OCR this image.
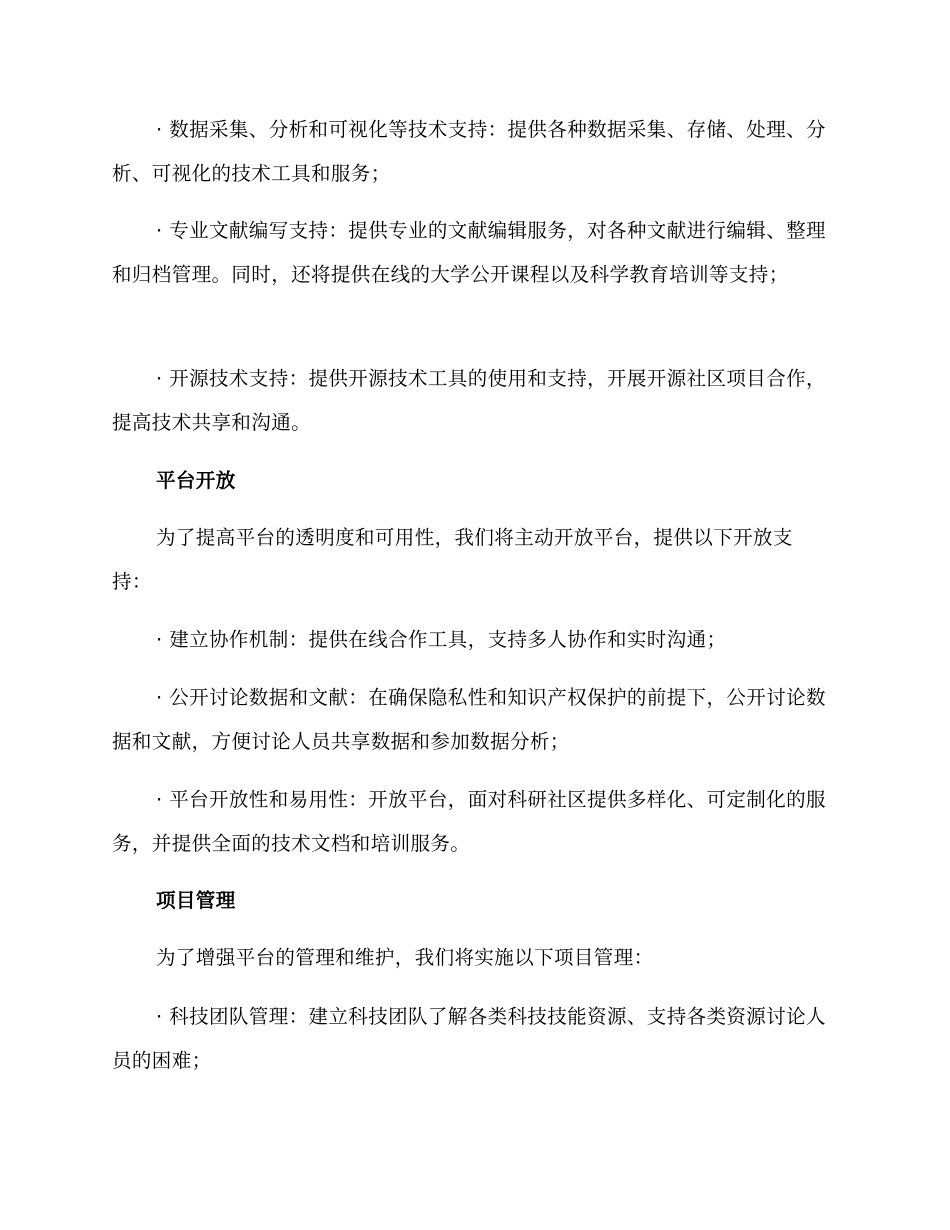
· 数据采集、分析和可视化等技术支持：提供各种数据采集、存储、处理、分析、可视化的技术工具和服务；

· 专业文献编写支持：提供专业的文献编辑服务，对各种文献进行编辑、整理和归档管理。同时，还将提供在线的大学公开课程以及科学教育培训等支持；

· 开源技术支持：提供开源技术工具的使用和支持，开展开源社区项目合作，提高技术共享和沟通。

平台开放

为了提高平台的透明度和可用性，我们将主动开放平台，提供以下开放支持：

· 建立协作机制：提供在线合作工具，支持多人协作和实时沟通；

· 公开讨论数据和文献：在确保隐私性和知识产权保护的前提下，公开讨论数据和文献，方便讨论人员共享数据和参加数据分析；

· 平台开放性和易用性：开放平台，面对科研社区提供多样化、可定制化的服务，并提供全面的技术文档和培训服务。

项目管理

为了增强平台的管理和维护，我们将实施以下项目管理：

· 科技团队管理：建立科技团队了解各类科技技能资源、支持各类资源讨论人员的困难；
